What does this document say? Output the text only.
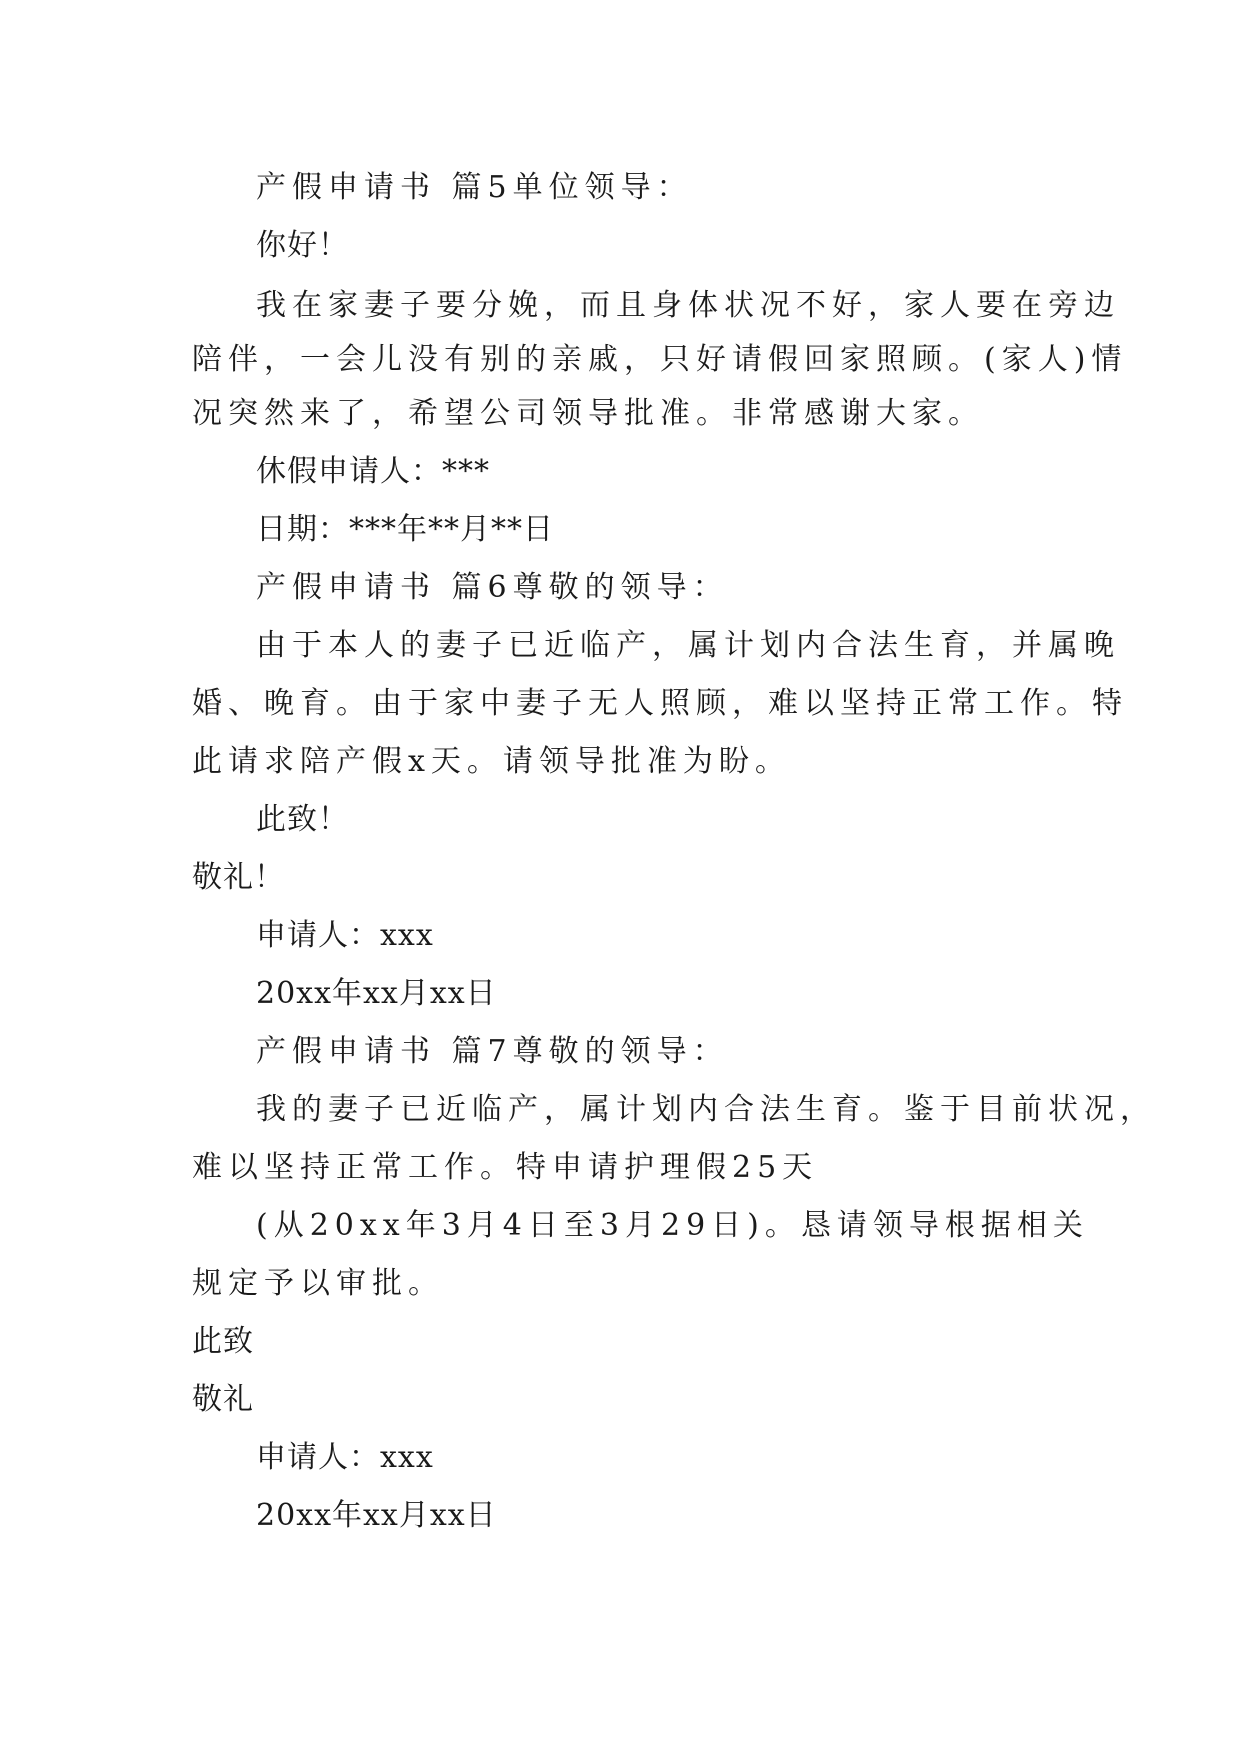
产假申请书 篇5单位领导：
你好！
我在家妻子要分娩，而且身体状况不好，家人要在旁边
陪伴，一会儿没有别的亲戚，只好请假回家照顾。(家人)情
况突然来了，希望公司领导批准。非常感谢大家。
休假申请人：***
日期：***年**月**日
产假申请书 篇6尊敬的领导：
由于本人的妻子已近临产，属计划内合法生育，并属晚
婚、晚育。由于家中妻子无人照顾，难以坚持正常工作。特
此请求陪产假x天。请领导批准为盼。
此致！
敬礼！
申请人：xxx
20xx年xx月xx日
产假申请书 篇7尊敬的领导：
我的妻子已近临产，属计划内合法生育。鉴于目前状况，
难以坚持正常工作。特申请护理假25天
(从20xx年3月4日至3月29日)。恳请领导根据相关
规定予以审批。
此致
敬礼
申请人：xxx
20xx年xx月xx日
